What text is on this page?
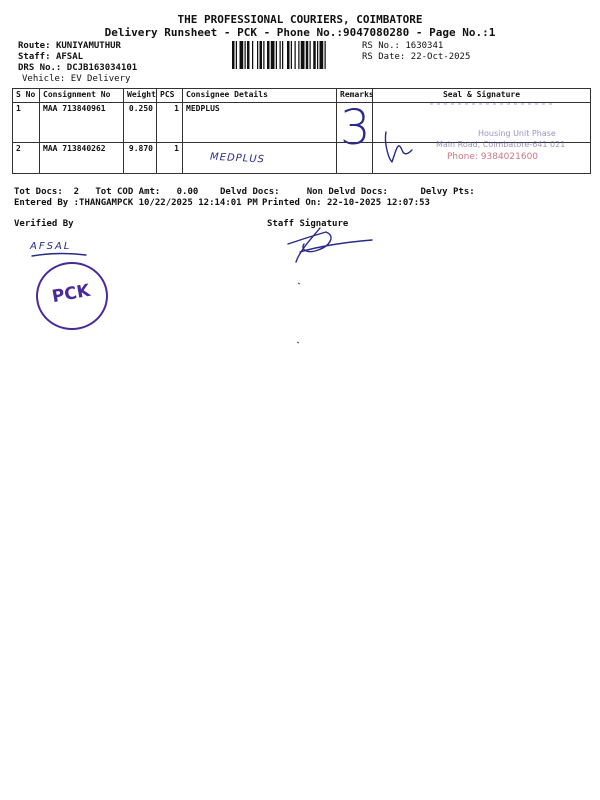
THE PROFESSIONAL COURIERS, COIMBATORE
Delivery Runsheet - PCK - Phone No.:9047080280 - Page No.:1
Route: KUNIYAMUTHUR
Staff: AFSAL
DRS No.: DCJB163034101
Vehicle: EV Delivery
RS No.: 1630341
RS Date: 22-Oct-2025
S No	Consignment No	Weight	PCS	Consignee Details	Remarks	Seal & Signature
1	MAA 713840961	0.250	1	MEDPLUS		
2	MAA 713840262	9.870	1			
Housing Unit Phase
Main Road, Coimbatore-641 021
Phone: 9384021600
Tot Docs: 2 Tot COD Amt: 0.00 Delvd Docs:	Non Delvd Docs:	Delvy Pts:
Entered By :THANGAMPCK 10/22/2025 12:14:01 PM Printed On: 22-10-2025 12:07:53
Verified By	Staff Signature
MEDPLUS
AFSAL
3
PCK
